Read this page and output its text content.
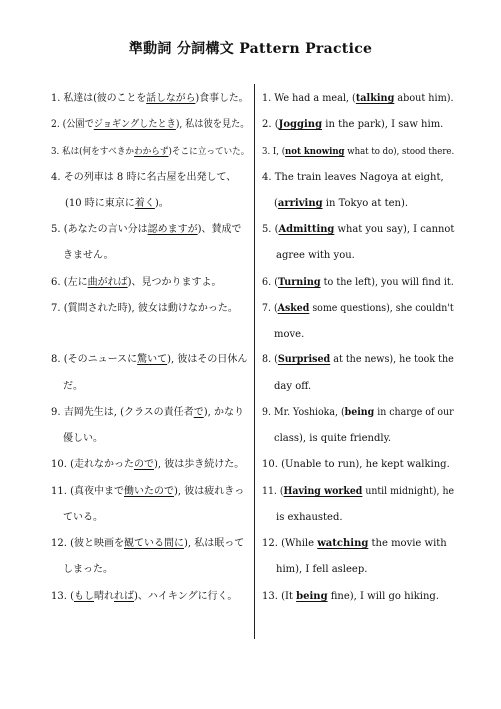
準動詞 分詞構文 Pattern Practice
1. 私達は(彼のことを話しながら)食事した。
2. (公園でジョギングしたとき), 私は彼を見た。
3. 私は(何をすべきかわからず)そこに立っていた。
4. その列車は 8 時に名古屋を出発して、
(10 時に東京に着く)。
5. (あなたの言い分は認めますが)、賛成で
きません。
6. (左に曲がれば)、見つかりますよ。
7. (質問された時), 彼女は動けなかった。
8. (そのニュースに驚いて), 彼はその日休ん
だ。
9. 吉岡先生は, (クラスの責任者で), かなり
優しい。
10. (走れなかったので), 彼は歩き続けた。
11. (真夜中まで働いたので), 彼は疲れきっ
ている。
12. (彼と映画を観ている間に), 私は眠って
しまった。
13. (もし晴れれば)、ハイキングに行く。
1. We had a meal, (talking about him).
2. (Jogging in the park), I saw him.
3. I, (not knowing what to do), stood there.
4. The train leaves Nagoya at eight,
(arriving in Tokyo at ten).
5. (Admitting what you say), I cannot
agree with you.
6. (Turning to the left), you will find it.
7. (Asked some questions), she couldn't
move.
8. (Surprised at the news), he took the
day off.
9. Mr. Yoshioka, (being in charge of our
class), is quite friendly.
10. (Unable to run), he kept walking.
11. (Having worked until midnight), he
is exhausted.
12. (While watching the movie with
him), I fell asleep.
13. (It being fine), I will go hiking.
